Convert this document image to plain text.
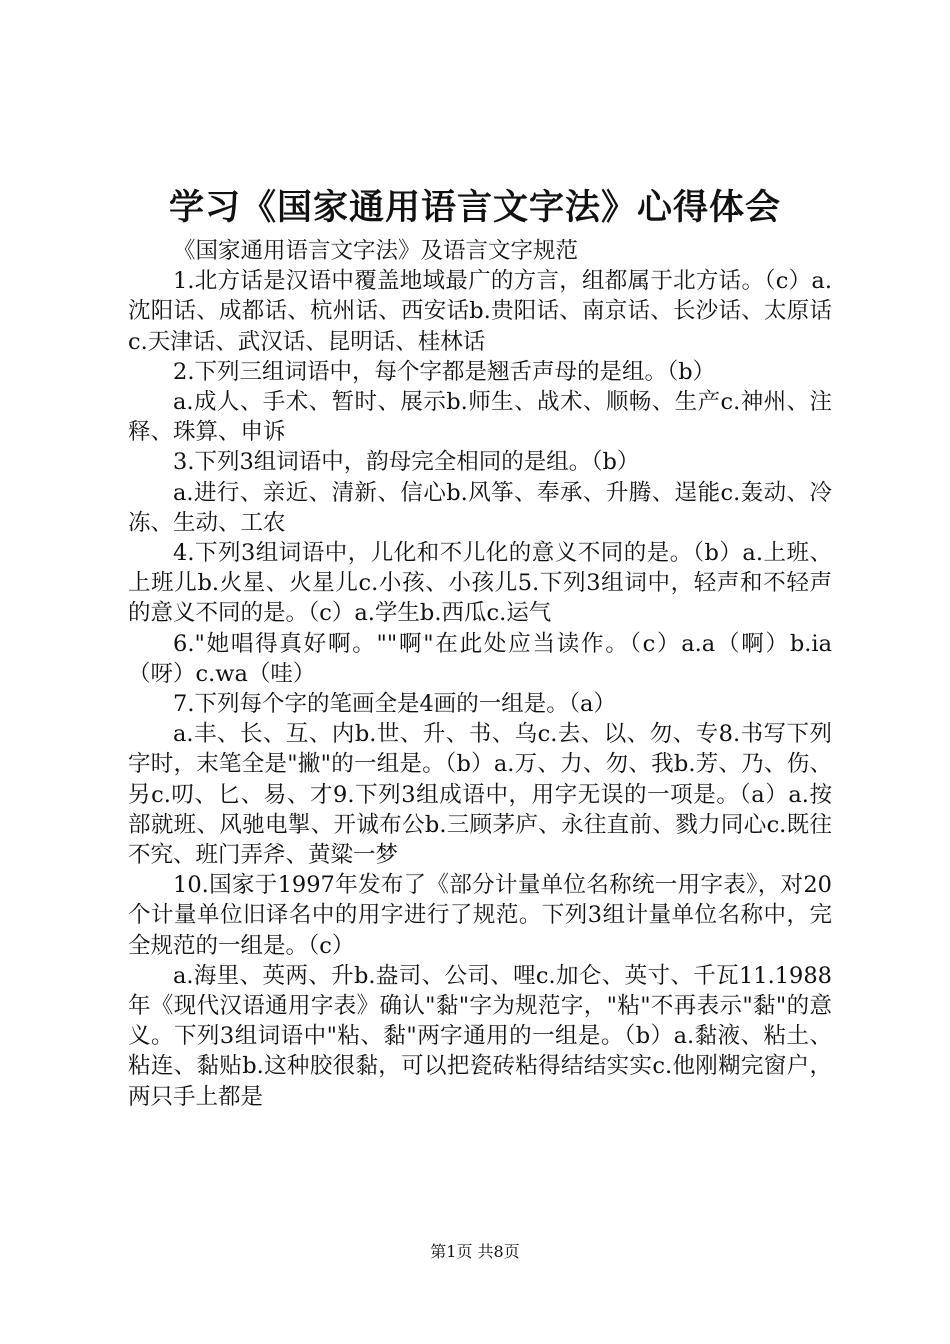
学习《国家通用语言文字法》心得体会

《国家通用语言文字法》及语言文字规范

1.北方话是汉语中覆盖地域最广的方言，组都属于北方话。（c）a.沈阳话、成都话、杭州话、西安话b.贵阳话、南京话、长沙话、太原话c.天津话、武汉话、昆明话、桂林话

2.下列三组词语中，每个字都是翘舌声母的是组。（b）

a.成人、手术、暂时、展示b.师生、战术、顺畅、生产c.神州、注释、珠算、申诉

3.下列3组词语中，韵母完全相同的是组。（b）

a.进行、亲近、清新、信心b.风筝、奉承、升腾、逞能c.轰动、冷冻、生动、工农

4.下列3组词语中，儿化和不儿化的意义不同的是。（b）a.上班、上班儿b.火星、火星儿c.小孩、小孩儿5.下列3组词中，轻声和不轻声的意义不同的是。（c）a.学生b.西瓜c.运气

6."她唱得真好啊。""啊"在此处应当读作。（c）a.a（啊）b.ia（呀）c.wa（哇）

7.下列每个字的笔画全是4画的一组是。（a）

a.丰、长、互、内b.世、升、书、乌c.去、以、勿、专8.书写下列字时，末笔全是"撇"的一组是。（b）a.万、力、勿、我b.芳、乃、伤、另c.叨、匕、易、才9.下列3组成语中，用字无误的一项是。（a）a.按部就班、风驰电掣、开诚布公b.三顾茅庐、永往直前、戮力同心c.既往不究、班门弄斧、黄粱一梦

10.国家于1997年发布了《部分计量单位名称统一用字表》，对20个计量单位旧译名中的用字进行了规范。下列3组计量单位名称中，完全规范的一组是。（c）

a.海里、英两、升b.盎司、公司、哩c.加仑、英寸、千瓦11.1988年《现代汉语通用字表》确认"黏"字为规范字，"粘"不再表示"黏"的意义。下列3组词语中"粘、黏"两字通用的一组是。（b）a.黏液、粘土、粘连、黏贴b.这种胶很黏，可以把瓷砖粘得结结实实c.他刚糊完窗户，两只手上都是

第1页 共8页
